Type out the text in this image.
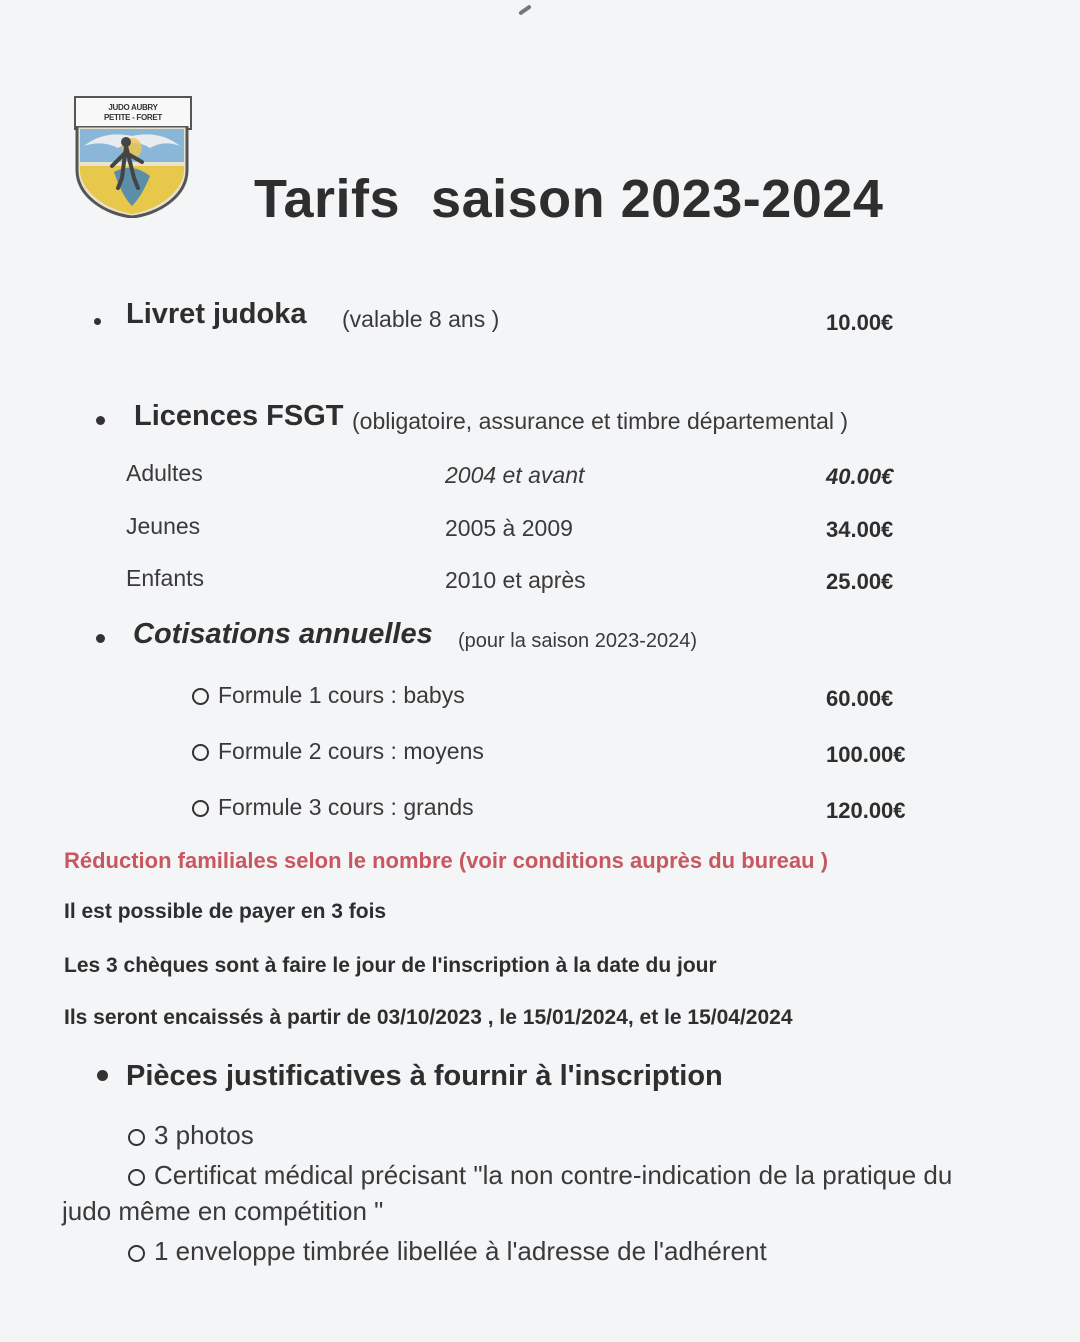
JUDO AUBRY
PETITE - FORET
Tarifs  saison 2023-2024
Livret judoka (valable 8 ans )	10.00€
Licences FSGT (obligatoire, assurance et timbre départemental )
Adultes	2004 et avant	40.00€
Jeunes	2005 à 2009	34.00€
Enfants	2010 et après	25.00€
Cotisations annuelles (pour la saison 2023-2024)
Formule 1 cours : babys	60.00€
Formule 2 cours : moyens	100.00€
Formule 3 cours : grands	120.00€
Réduction familiales selon le nombre (voir conditions auprès du bureau )
Il est possible de payer en 3 fois
Les 3 chèques sont à faire le jour de l'inscription à la date du jour
Ils seront encaissés à partir de 03/10/2023 , le 15/01/2024, et le 15/04/2024
Pièces justificatives à fournir à l'inscription
3 photos
Certificat médical précisant "la non contre-indication de la pratique du
judo même en compétition "
1 enveloppe timbrée libellée à l'adresse de l'adhérent
